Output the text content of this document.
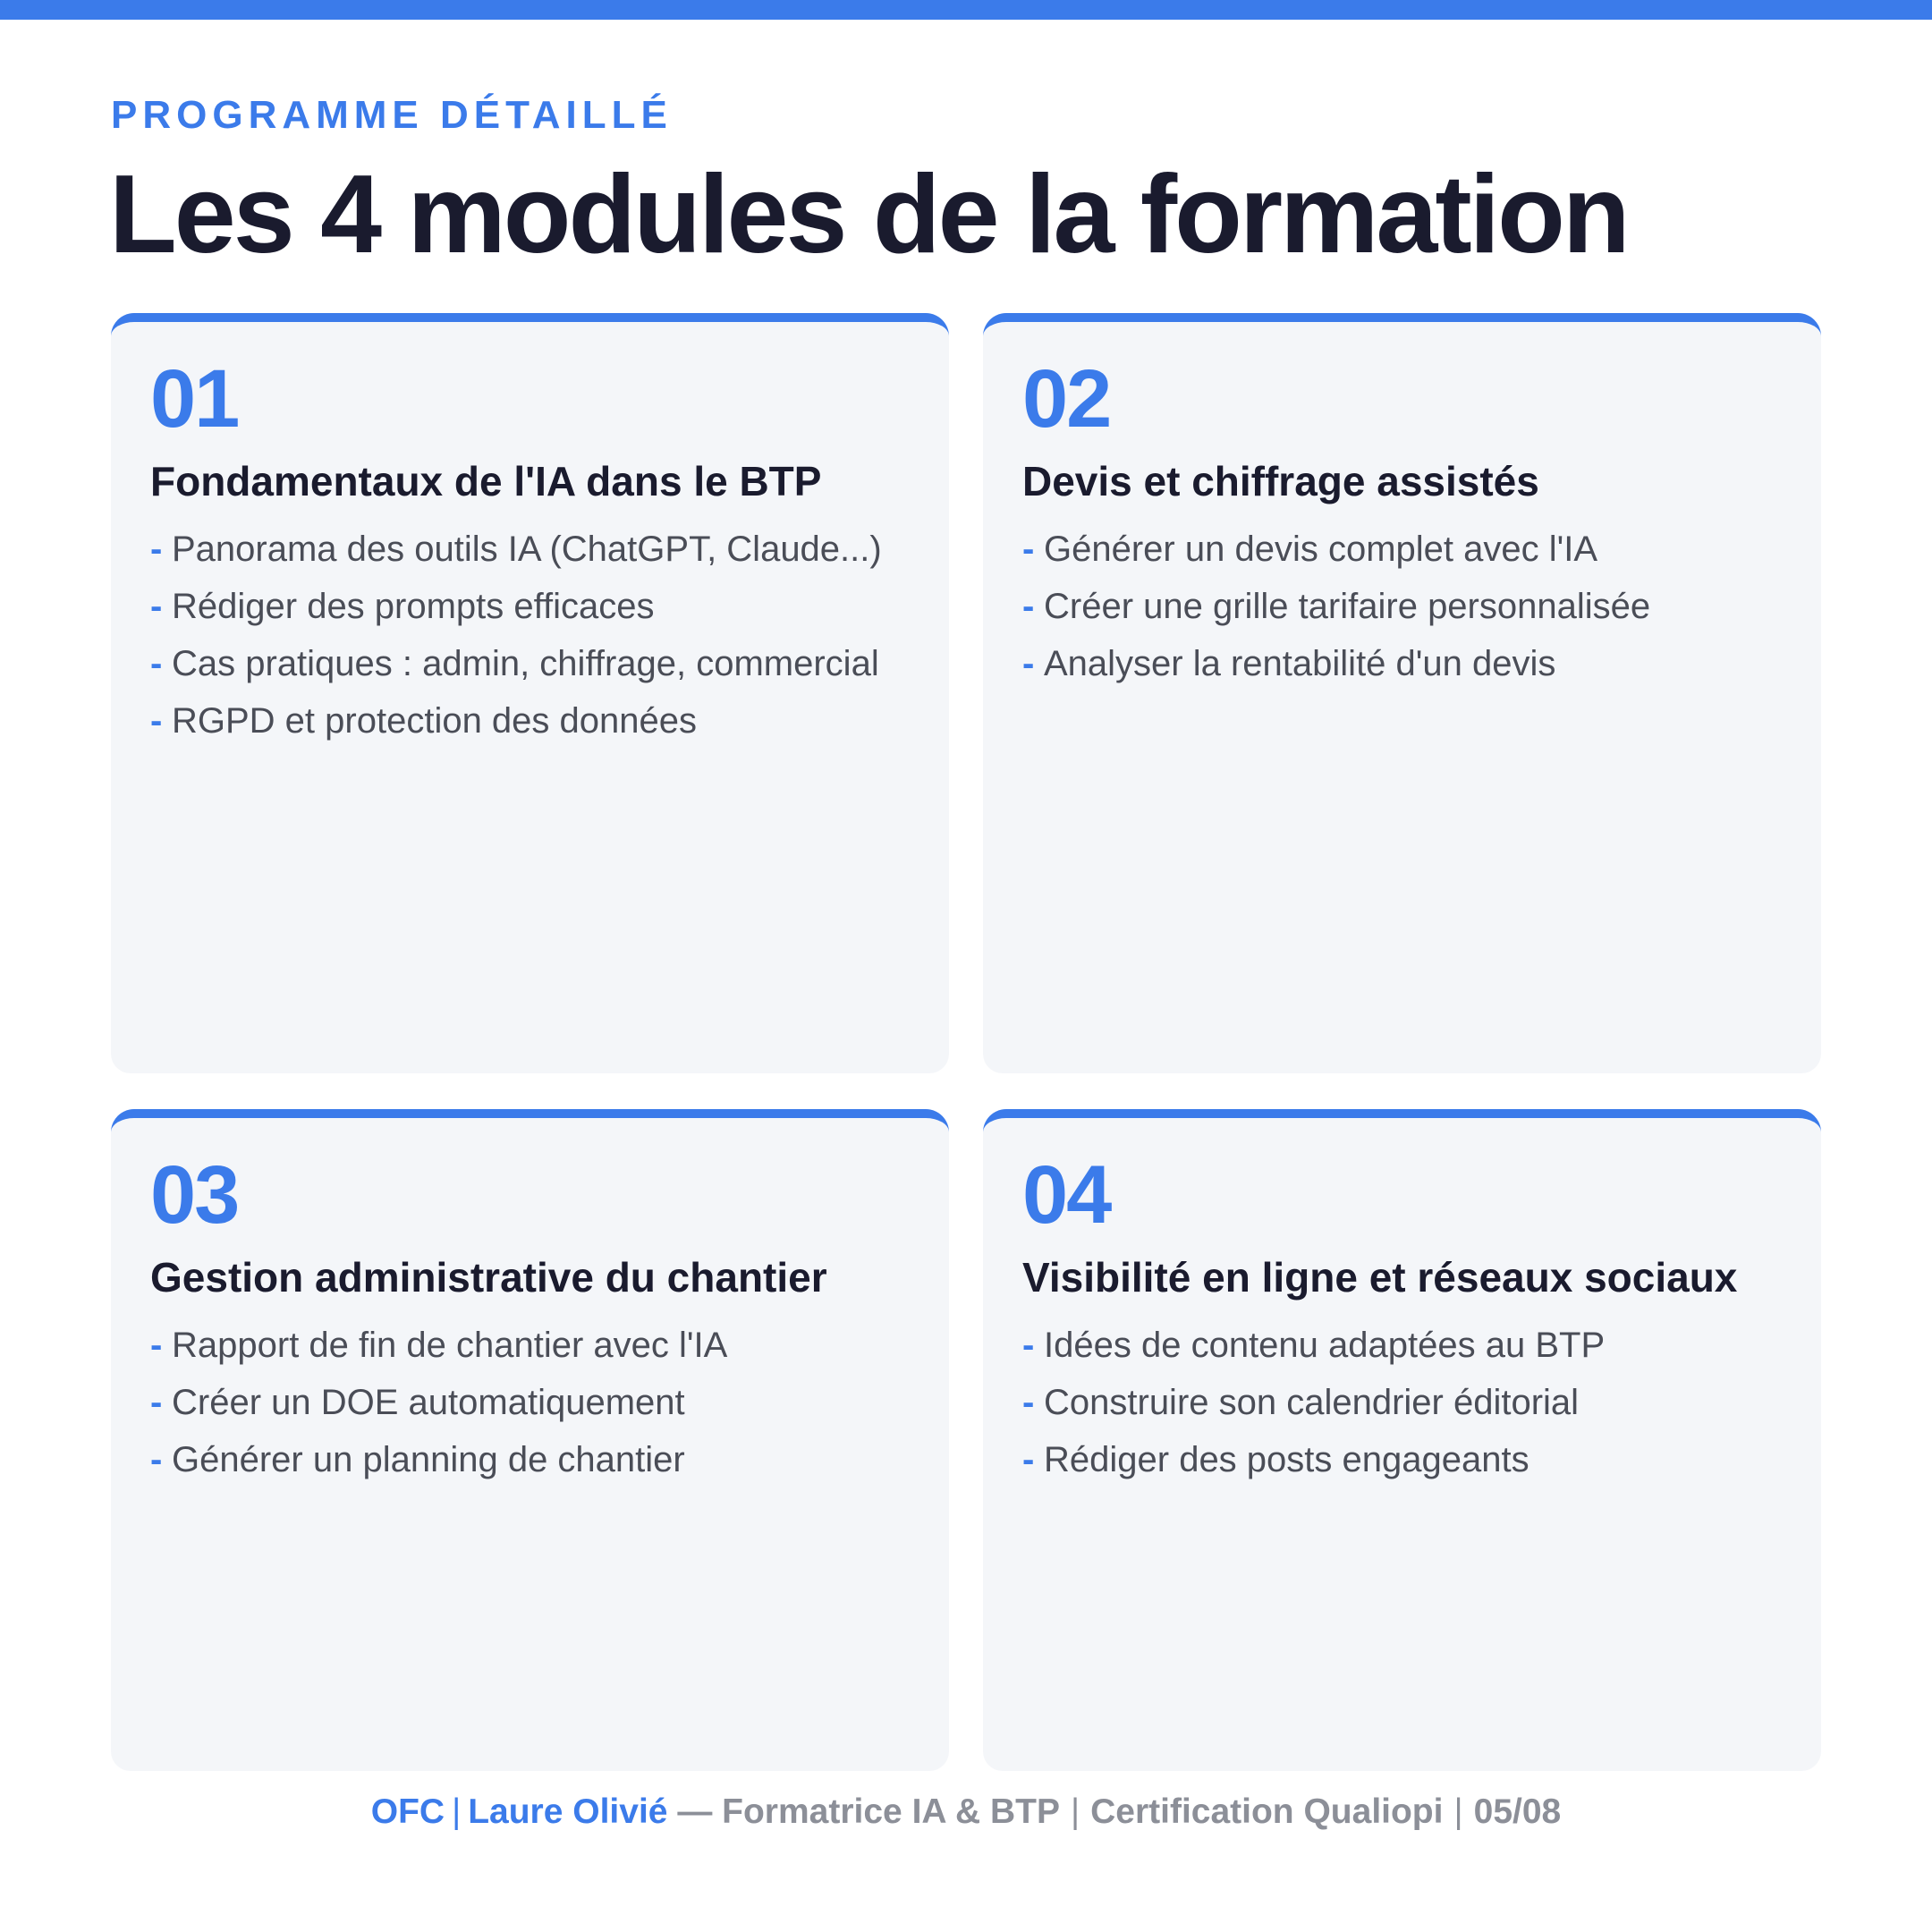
PROGRAMME DÉTAILLÉ
Les 4 modules de la formation
01
Fondamentaux de l'IA dans le BTP
- Panorama des outils IA (ChatGPT, Claude...)
- Rédiger des prompts efficaces
- Cas pratiques : admin, chiffrage, commercial
- RGPD et protection des données
02
Devis et chiffrage assistés
- Générer un devis complet avec l'IA
- Créer une grille tarifaire personnalisée
- Analyser la rentabilité d'un devis
03
Gestion administrative du chantier
- Rapport de fin de chantier avec l'IA
- Créer un DOE automatiquement
- Générer un planning de chantier
04
Visibilité en ligne et réseaux sociaux
- Idées de contenu adaptées au BTP
- Construire son calendrier éditorial
- Rédiger des posts engageants
OFC | Laure Olivié — Formatrice IA & BTP | Certification Qualiopi | 05/08
